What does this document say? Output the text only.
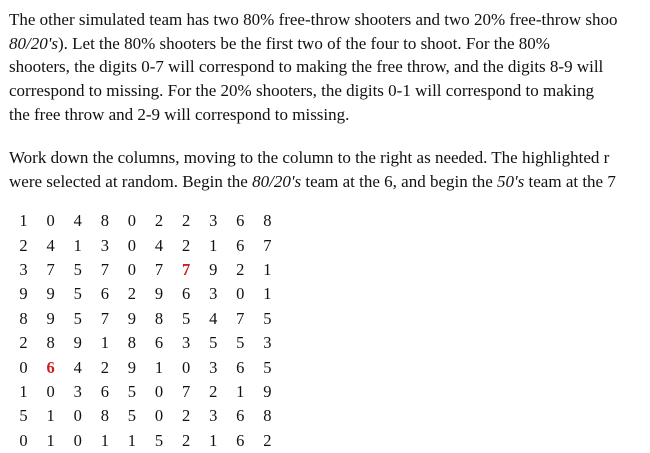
The other simulated team has two 80% free-throw shooters and two 20% free-throw shoo
80/20's). Let the 80% shooters be the first two of the four to shoot. For the 80%
shooters, the digits 0-7 will correspond to making the free throw, and the digits 8-9 will
correspond to missing. For the 20% shooters, the digits 0-1 will correspond to making
the free throw and 2-9 will correspond to missing.
Work down the columns, moving to the column to the right as needed. The highlighted r
were selected at random. Begin the 80/20's team at the 6, and begin the 50's team at the 7
1	0	4	8	0	2	2	3	6	8
2	4	1	3	0	4	2	1	6	7
3	7	5	7	0	7	7	9	2	1
9	9	5	6	2	9	6	3	0	1
8	9	5	7	9	8	5	4	7	5
2	8	9	1	8	6	3	5	5	3
0	6	4	2	9	1	0	3	6	5
1	0	3	6	5	0	7	2	1	9
5	1	0	8	5	0	2	3	6	8
0	1	0	1	1	5	2	1	6	2
